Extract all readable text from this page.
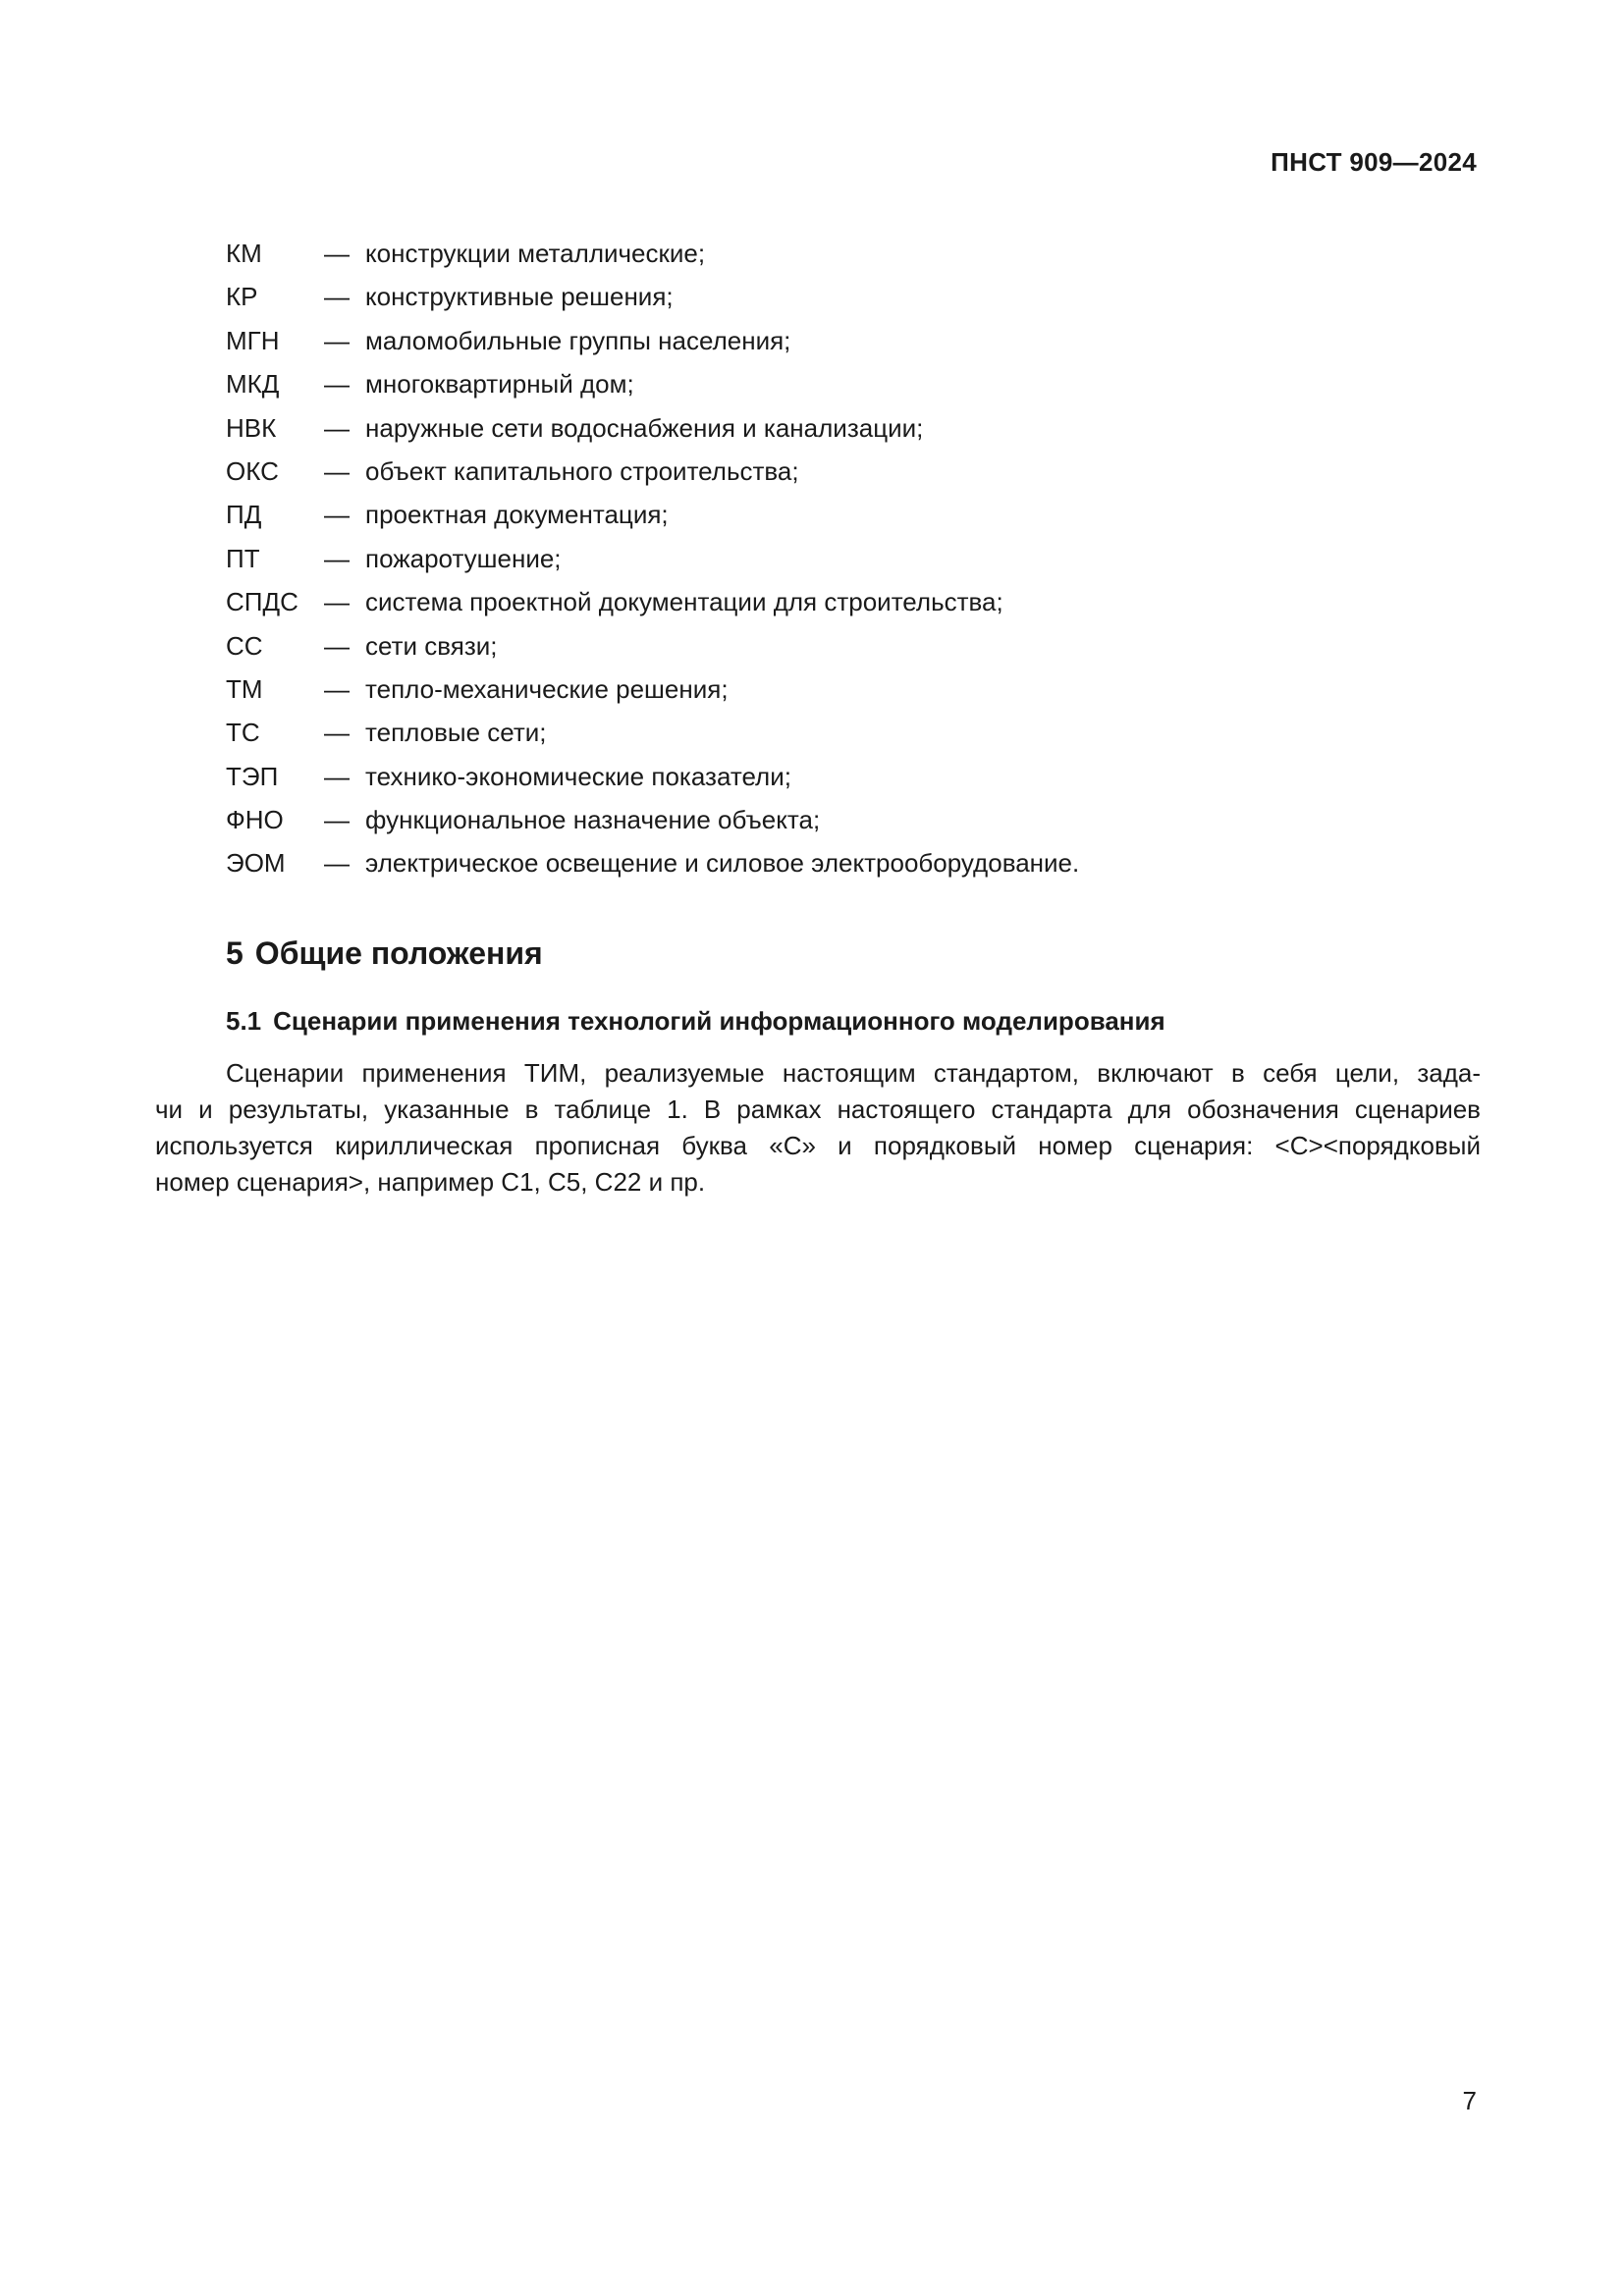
ПНСТ 909—2024
КМ	— конструкции металлические;
КР	— конструктивные решения;
МГН	— маломобильные группы населения;
МКД	— многоквартирный дом;
НВК	— наружные сети водоснабжения и канализации;
ОКС	— объект капитального строительства;
ПД	— проектная документация;
ПТ	— пожаротушение;
СПДС	— система проектной документации для строительства;
СС	— сети связи;
ТМ	— тепло-механические решения;
ТС	— тепловые сети;
ТЭП	— технико-экономические показатели;
ФНО	— функциональное назначение объекта;
ЭОМ	— электрическое освещение и силовое электрооборудование.
5 Общие положения
5.1 Сценарии применения технологий информационного моделирования

Сценарии применения ТИМ, реализуемые настоящим стандартом, включают в себя цели, зада-
чи и результаты, указанные в таблице 1. В рамках настоящего стандарта для обозначения сценариев
используется кириллическая прописная буква «С» и порядковый номер сценария: <С><порядковый
номер сценария>, например С1, С5, С22 и пр.

7
